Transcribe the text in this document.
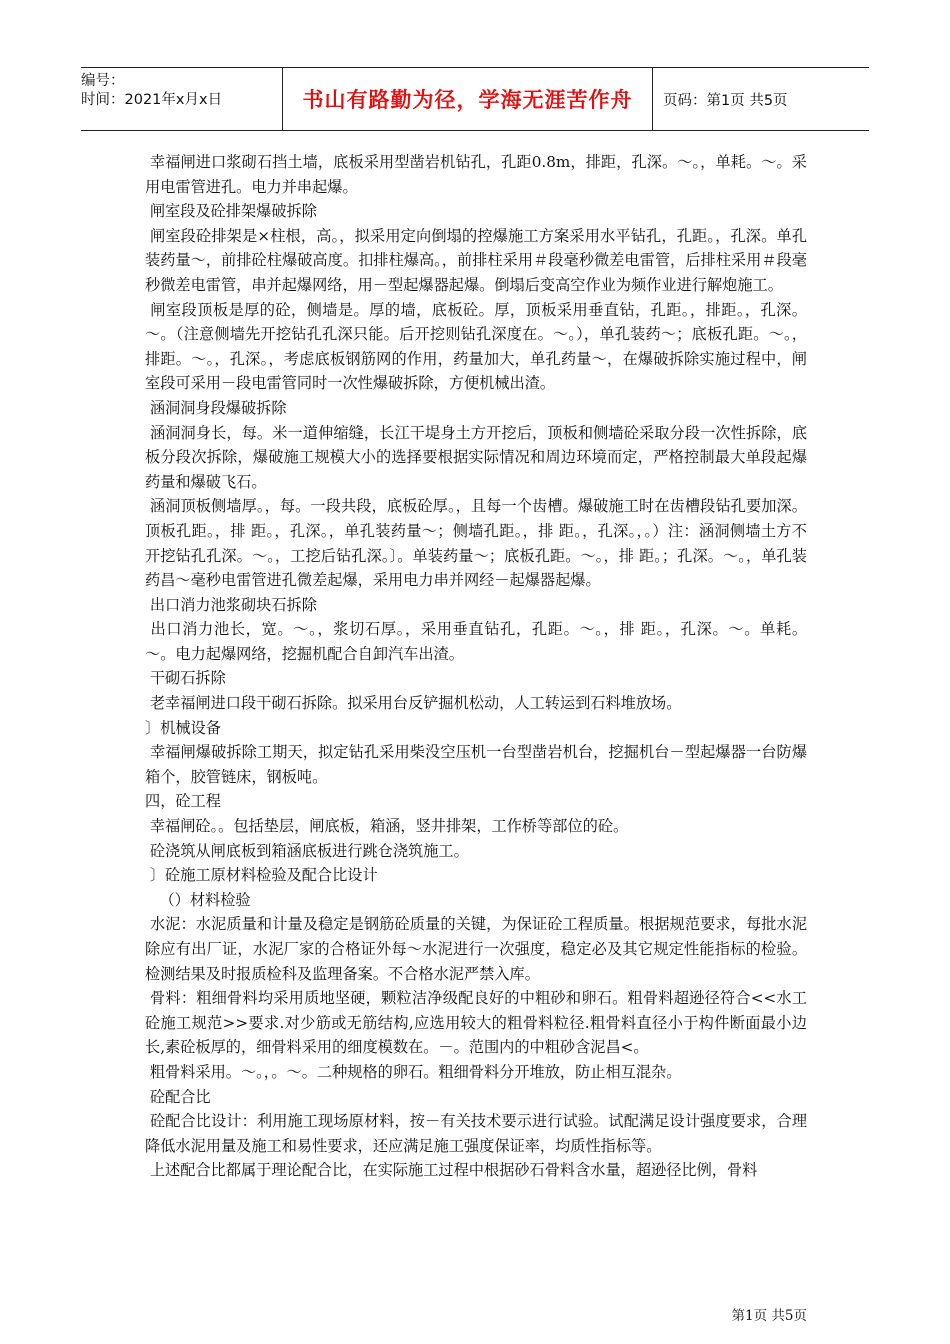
编号：
时间：2021年x月x日	书山有路勤为径，学海无涯苦作舟 页码：第1页 共5页

幸福闸进口浆砌石挡土墙，底板采用型凿岩机钻孔，孔距0.8m，排距，孔深。～。，单耗。～。采用电雷管进孔。电力并串起爆。

闸室段及砼排架爆破拆除

闸室段砼排架是×柱根，高。，拟采用定向倒塌的控爆施工方案采用水平钻孔，孔距。，孔深。单孔装药量～，前排砼柱爆破高度。扣排柱爆高。，前排柱采用＃段毫秒微差电雷管，后排柱采用＃段毫秒微差电雷管，串并起爆网络，用－型起爆器起爆。倒塌后变高空作业为频作业进行解炮施工。

闸室段顶板是厚的砼，侧墙是。厚的墙，底板砼。厚，顶板采用垂直钻，孔距。，排距。，孔深。～。（注意侧墙先开挖钻孔孔深只能。后开挖则钻孔深度在。～。），单孔装药～；底板孔距。～。，排距。～。，孔深。，考虑底板钢筋网的作用，药量加大，单孔药量～，在爆破拆除实施过程中，闸室段可采用－段电雷管同时一次性爆破拆除，方便机械出渣。

涵洞洞身段爆破拆除

涵洞洞身长，每。米一道伸缩缝，长江干堤身土方开挖后，顶板和侧墙砼采取分段一次性拆除，底板分段次拆除，爆破施工规模大小的选择要根据实际情况和周边环境而定，严格控制最大单段起爆药量和爆破飞石。

涵洞顶板侧墙厚。，每。一段共段，底板砼厚。，且每一个齿槽。爆破施工时在齿槽段钻孔要加深。顶板孔距。，排 距。，孔深。，单孔装药量～；侧墙孔距。，排 距。，孔深。，。）注：涵洞侧墙土方不开挖钻孔孔深。～。，工挖后钻孔深。〕。单装药量～；底板孔距。～。，排 距。；孔深。～。，单孔装药昌～毫秒电雷管进孔微差起爆，采用电力串并网经－起爆器起爆。

出口消力池浆砌块石拆除

出口消力池长，宽。～。，浆切石厚。，采用垂直钻孔，孔距。～。，排 距。，孔深。～。单耗。～。电力起爆网络，挖掘机配合自卸汽车出渣。

干砌石拆除

老幸福闸进口段干砌石拆除。拟采用台反铲掘机松动，人工转运到石料堆放场。

〕机械设备

幸福闸爆破拆除工期天，拟定钻孔采用柴没空压机一台型凿岩机台，挖掘机台－型起爆器一台防爆箱个，胶管链床，钢板吨。

四，砼工程

幸福闸砼。。包括垫层，闸底板，箱涵，竖井排架，工作桥等部位的砼。

砼浇筑从闸底板到箱涵底板进行跳仓浇筑施工。

〕砼施工原材料检验及配合比设计

（）材料检验

水泥：水泥质量和计量及稳定是钢筋砼质量的关键，为保证砼工程质量。根据规范要求，每批水泥除应有出厂证，水泥厂家的合格证外每～水泥进行一次强度，稳定必及其它规定性能指标的检验。检测结果及时报质检科及监理备案。不合格水泥严禁入库。

骨料：粗细骨料均采用质地坚硬，颗粒洁净级配良好的中粗砂和卵石。粗骨料超逊径符合<<水工砼施工规范>>要求.对少筋或无筋结构,应选用较大的粗骨料粒径.粗骨料直径小于构件断面最小边长,素砼板厚的，细骨料采用的细度模数在。－。范围内的中粗砂含泥昌<。

粗骨料采用。～。，。～。二种规格的卵石。粗细骨料分开堆放，防止相互混杂。

砼配合比

砼配合比设计：利用施工现场原材料，按－有关技术要示进行试验。试配满足设计强度要求，合理降低水泥用量及施工和易性要求，还应满足施工强度保证率，均质性指标等。

上述配合比都属于理论配合比，在实际施工过程中根据砂石骨料含水量，超逊径比例，骨料

第1页 共5页
